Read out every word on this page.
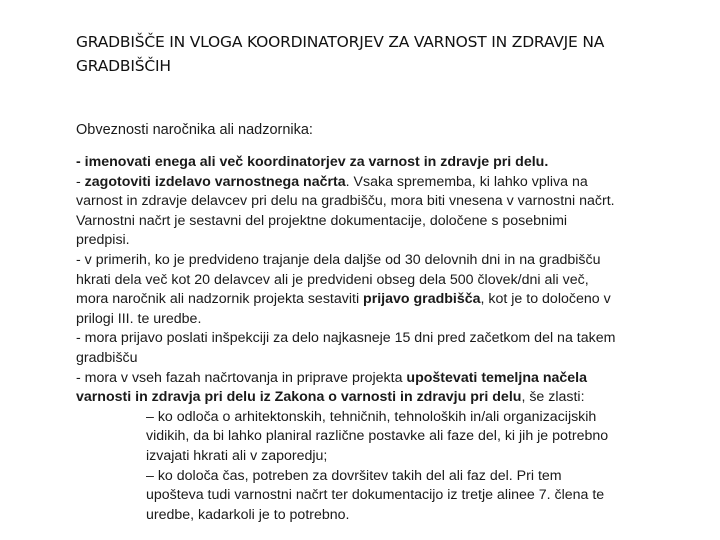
GRADBIŠČE IN VLOGA KOORDINATORJEV ZA VARNOST IN ZDRAVJE NA
GRADBIŠČIH
Obveznosti naročnika ali nadzornika:
- imenovati enega ali več koordinatorjev za varnost in zdravje pri delu.
- zagotoviti izdelavo varnostnega načrta. Vsaka sprememba, ki lahko vpliva na
varnost in zdravje delavcev pri delu na gradbišču, mora biti vnesena v varnostni načrt.
Varnostni načrt je sestavni del projektne dokumentacije, določene s posebnimi
predpisi.
- v primerih, ko je predvideno trajanje dela daljše od 30 delovnih dni in na gradbišču
hkrati dela več kot 20 delavcev ali je predvideni obseg dela 500 človek/dni ali več,
mora naročnik ali nadzornik projekta sestaviti prijavo gradbišča, kot je to določeno v
prilogi III. te uredbe.
- mora prijavo poslati inšpekciji za delo najkasneje 15 dni pred začetkom del na takem
gradbišču
- mora v vseh fazah načrtovanja in priprave projekta upoštevati temeljna načela
varnosti in zdravja pri delu iz Zakona o varnosti in zdravju pri delu, še zlasti:
– ko odloča o arhitektonskih, tehničnih, tehnoloških in/ali organizacijskih
vidikih, da bi lahko planiral različne postavke ali faze del, ki jih je potrebno
izvajati hkrati ali v zaporedju;
– ko določa čas, potreben za dovršitev takih del ali faz del. Pri tem
upošteva tudi varnostni načrt ter dokumentacijo iz tretje alinee 7. člena te
uredbe, kadarkoli je to potrebno.
